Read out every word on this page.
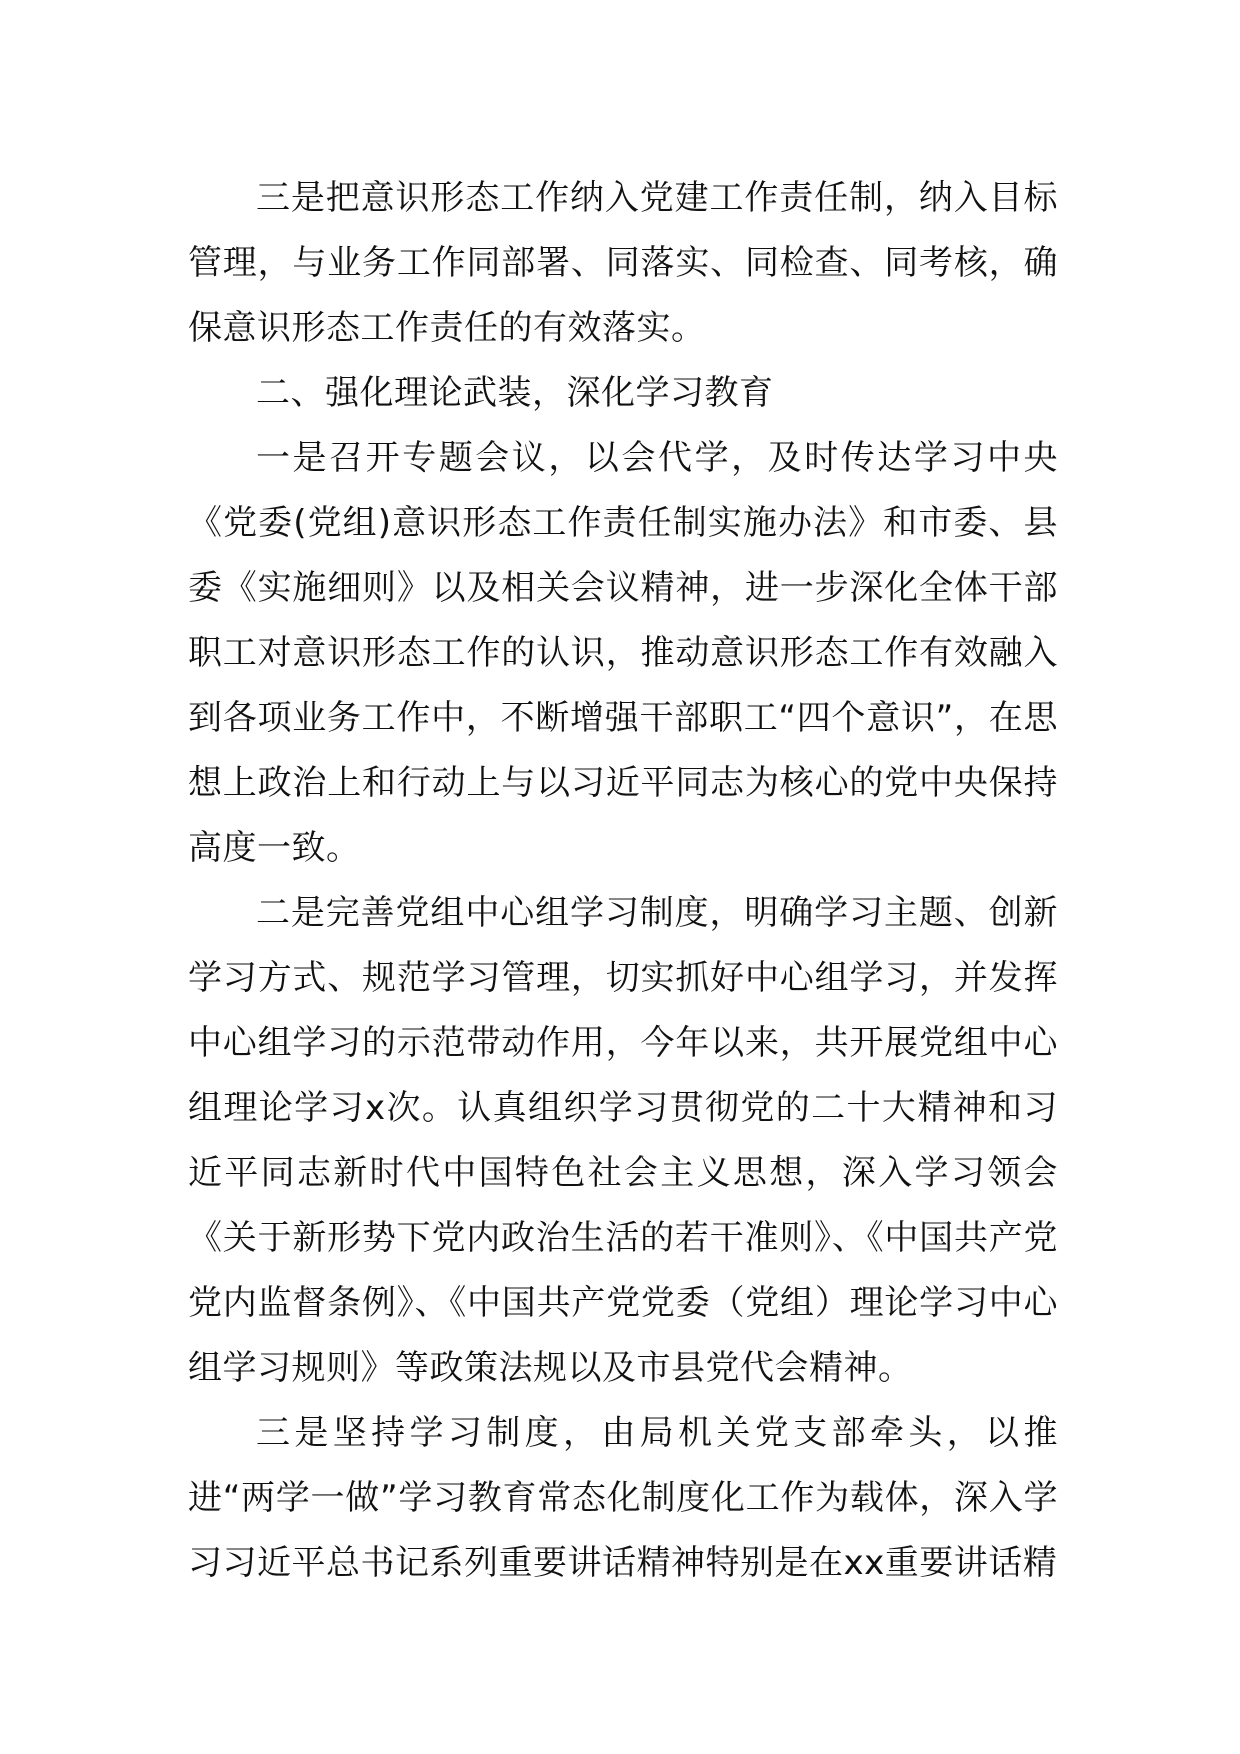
三是把意识形态工作纳入党建工作责任制，纳入目标管理，与业务工作同部署、同落实、同检查、同考核，确保意识形态工作责任的有效落实。

二、强化理论武装，深化学习教育

一是召开专题会议，以会代学，及时传达学习中央《党委(党组)意识形态工作责任制实施办法》和市委、县委《实施细则》以及相关会议精神，进一步深化全体干部职工对意识形态工作的认识，推动意识形态工作有效融入到各项业务工作中，不断增强干部职工“四个意识”，在思想上政治上和行动上与以习近平同志为核心的党中央保持高度一致。

二是完善党组中心组学习制度，明确学习主题、创新学习方式、规范学习管理，切实抓好中心组学习，并发挥中心组学习的示范带动作用，今年以来，共开展党组中心组理论学习x次。认真组织学习贯彻党的二十大精神和习近平同志新时代中国特色社会主义思想，深入学习领会《关于新形势下党内政治生活的若干准则》、《中国共产党党内监督条例》、《中国共产党党委（党组）理论学习中心组学习规则》等政策法规以及市县党代会精神。

三是坚持学习制度，由局机关党支部牵头，以推进“两学一做”学习教育常态化制度化工作为载体，深入学习习近平总书记系列重要讲话精神特别是在xx重要讲话精
